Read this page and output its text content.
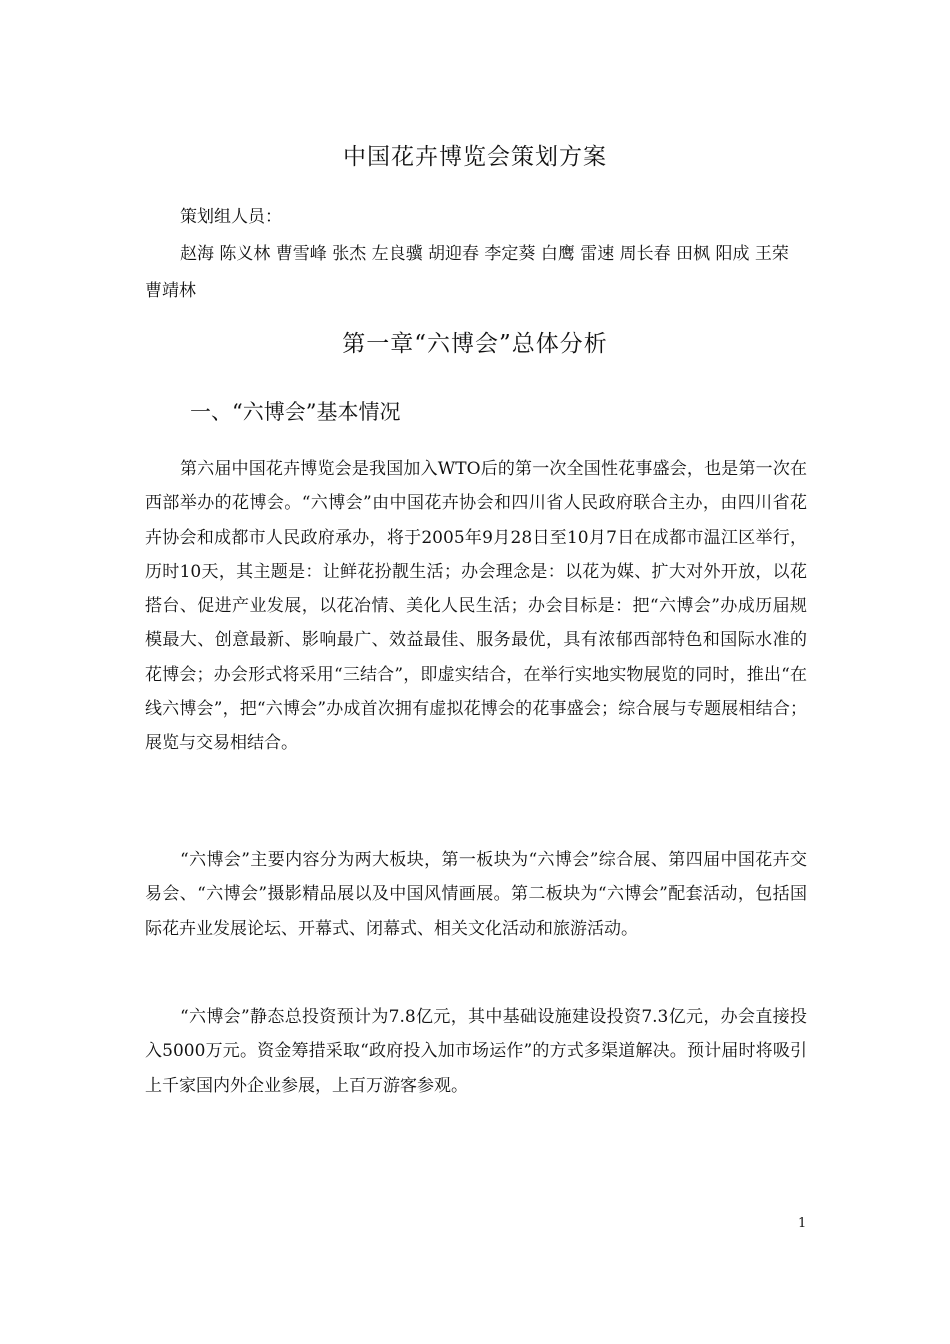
中国花卉博览会策划方案
策划组人员：
赵海 陈义林 曹雪峰 张杰 左良骥 胡迎春 李定葵 白鹰 雷速 周长春 田枫 阳成 王荣 曹靖林
第一章“六博会”总体分析
一、“六博会”基本情况

第六届中国花卉博览会是我国加入WTO后的第一次全国性花事盛会，也是第一次在西部举办的花博会。“六博会”由中国花卉协会和四川省人民政府联合主办，由四川省花卉协会和成都市人民政府承办，将于2005年9月28日至10月7日在成都市温江区举行，历时10天，其主题是：让鲜花扮靓生活；办会理念是：以花为媒、扩大对外开放，以花搭台、促进产业发展，以花冶情、美化人民生活；办会目标是：把“六博会”办成历届规模最大、创意最新、影响最广、效益最佳、服务最优，具有浓郁西部特色和国际水准的花博会；办会形式将采用“三结合”，即虚实结合，在举行实地实物展览的同时，推出“在线六博会”，把“六博会”办成首次拥有虚拟花博会的花事盛会；综合展与专题展相结合；展览与交易相结合。

“六博会”主要内容分为两大板块，第一板块为“六博会”综合展、第四届中国花卉交易会、“六博会”摄影精品展以及中国风情画展。第二板块为“六博会”配套活动，包括国际花卉业发展论坛、开幕式、闭幕式、相关文化活动和旅游活动。

“六博会”静态总投资预计为7.8亿元，其中基础设施建设投资7.3亿元，办会直接投入5000万元。资金筹措采取“政府投入加市场运作”的方式多渠道解决。预计届时将吸引上千家国内外企业参展，上百万游客参观。

1
